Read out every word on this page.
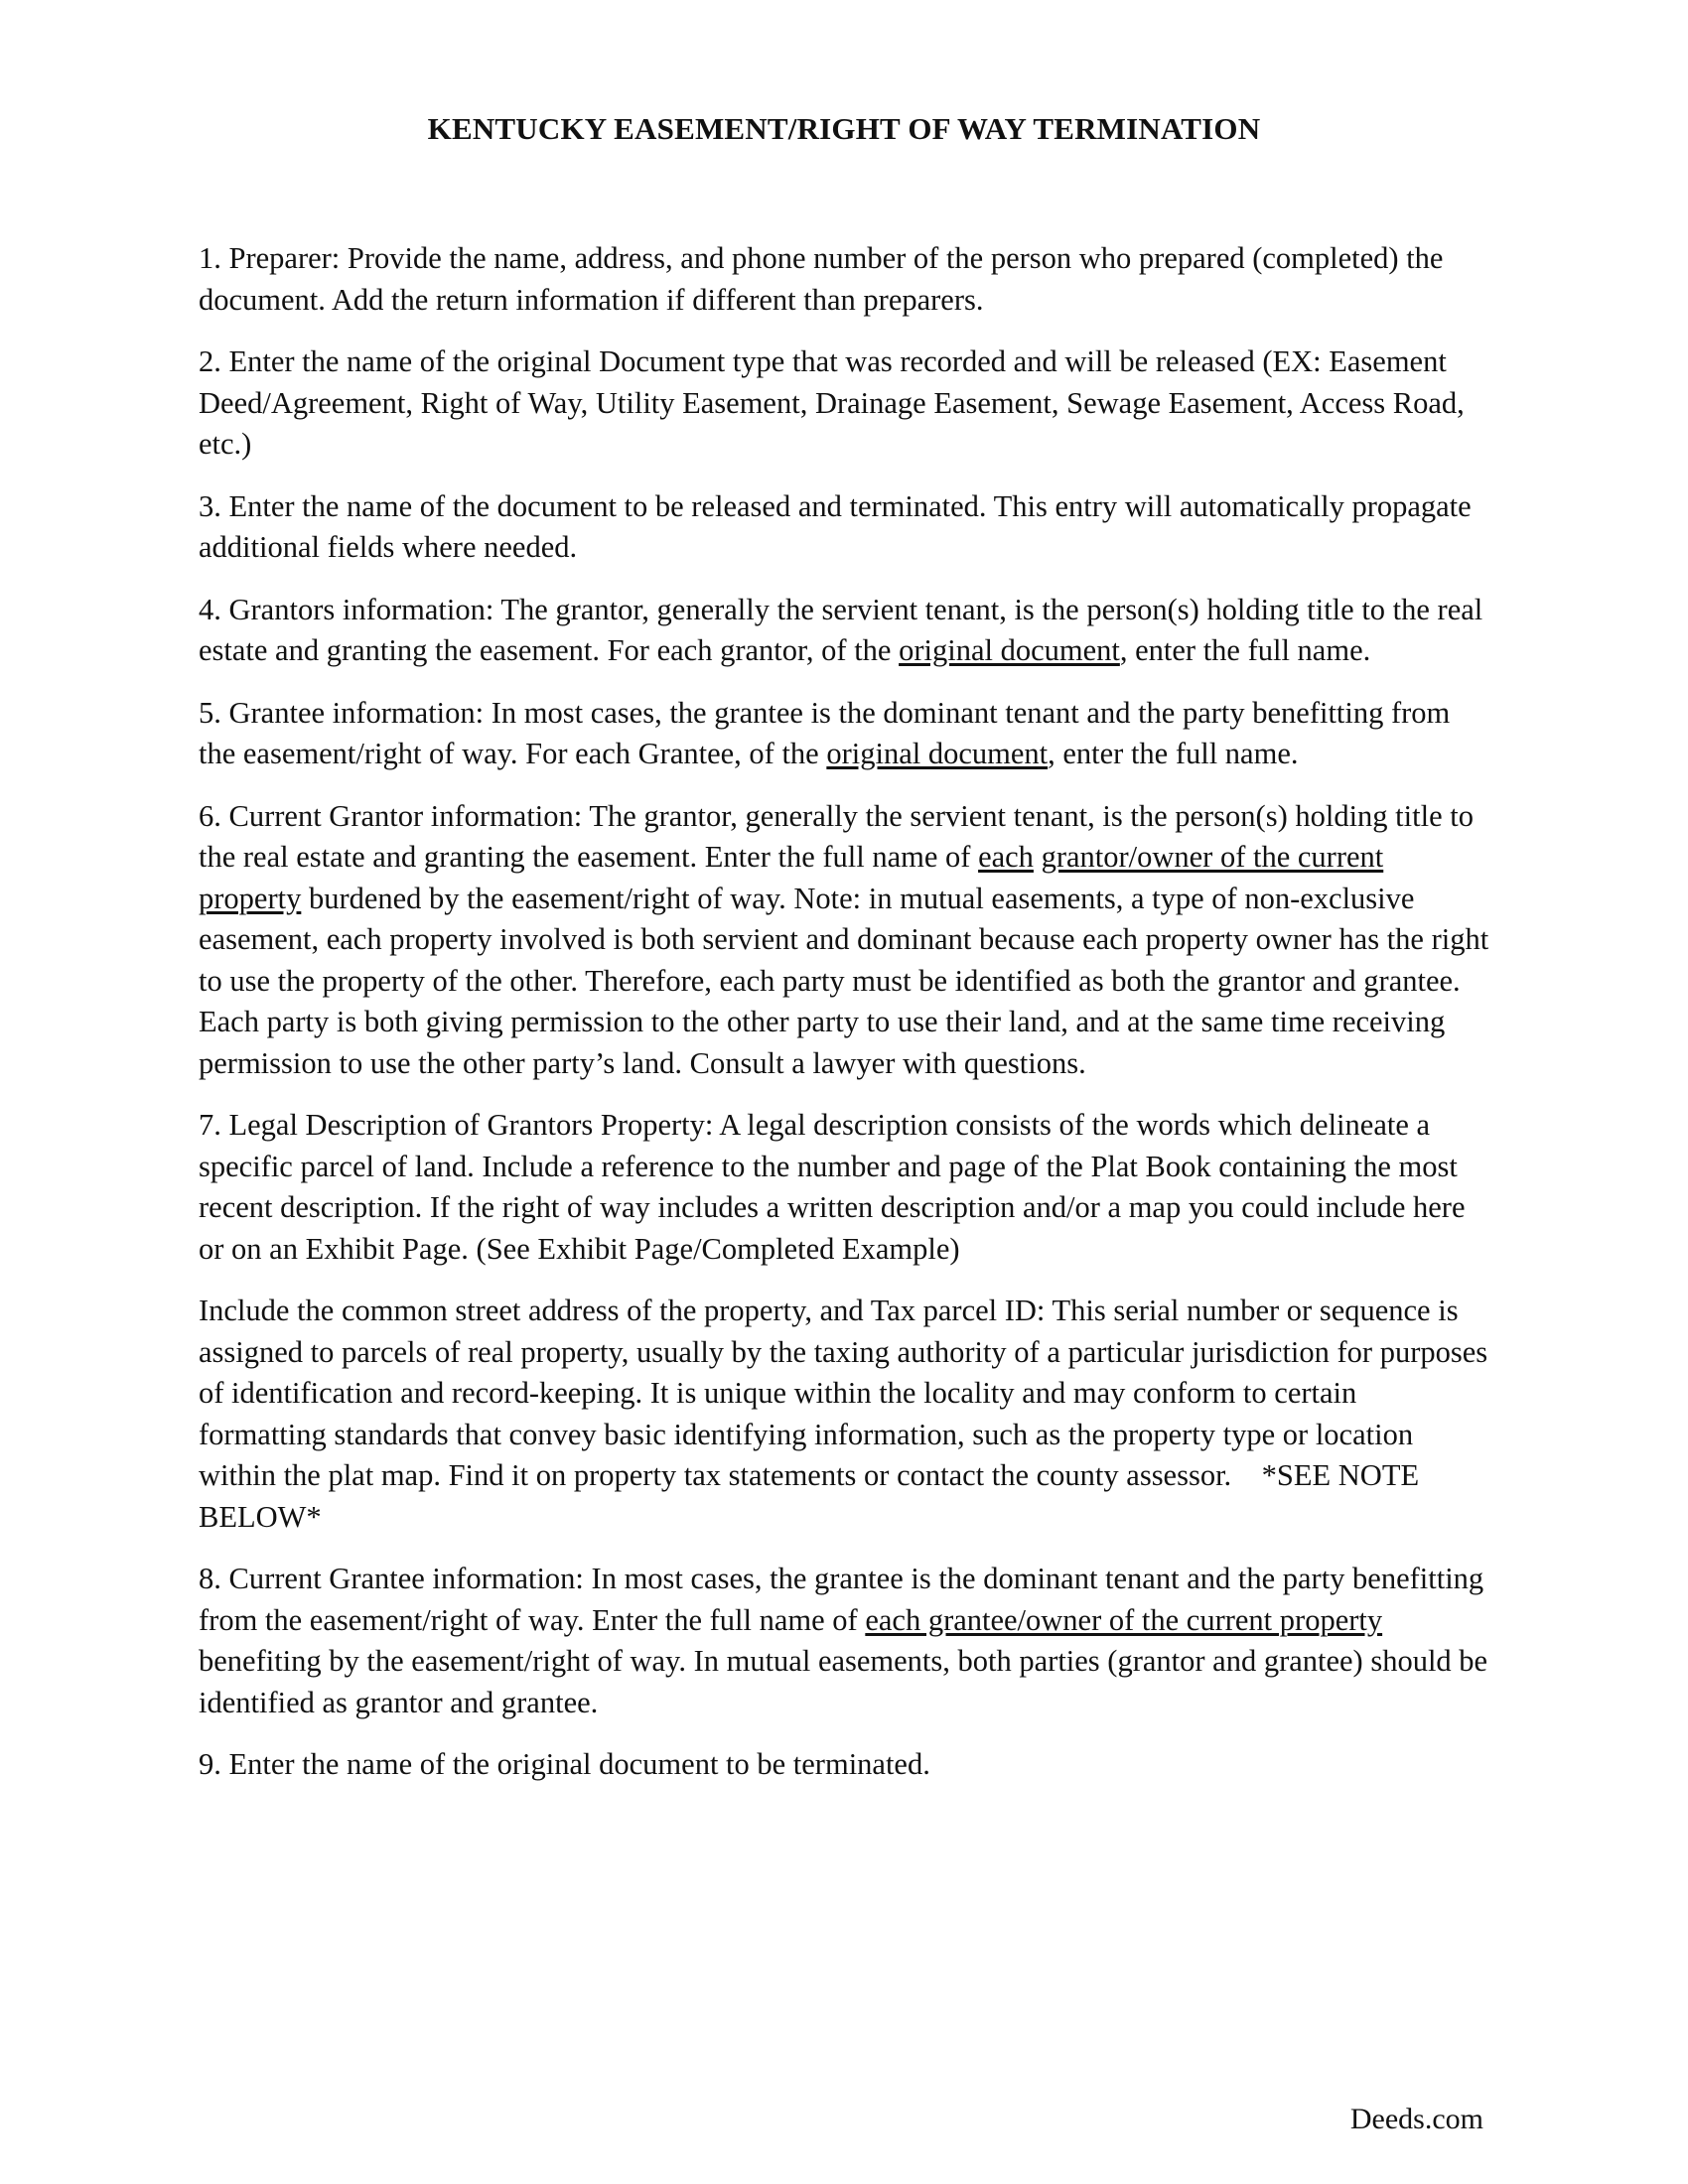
KENTUCKY EASEMENT/RIGHT OF WAY TERMINATION

1. Preparer: Provide the name, address, and phone number of the person who prepared (completed) the document. Add the return information if different than preparers.

2. Enter the name of the original Document type that was recorded and will be released (EX: Easement Deed/Agreement, Right of Way, Utility Easement, Drainage Easement, Sewage Easement, Access Road, etc.)

3. Enter the name of the document to be released and terminated. This entry will automatically propagate additional fields where needed.

4. Grantors information: The grantor, generally the servient tenant, is the person(s) holding title to the real estate and granting the easement. For each grantor, of the original document, enter the full name.

5. Grantee information: In most cases, the grantee is the dominant tenant and the party benefitting from the easement/right of way. For each Grantee, of the original document, enter the full name.

6. Current Grantor information: The grantor, generally the servient tenant, is the person(s) holding title to the real estate and granting the easement. Enter the full name of each grantor/owner of the current property burdened by the easement/right of way. Note: in mutual easements, a type of non-exclusive easement, each property involved is both servient and dominant because each property owner has the right to use the property of the other. Therefore, each party must be identified as both the grantor and grantee. Each party is both giving permission to the other party to use their land, and at the same time receiving permission to use the other party’s land. Consult a lawyer with questions.

7. Legal Description of Grantors Property: A legal description consists of the words which delineate a specific parcel of land. Include a reference to the number and page of the Plat Book containing the most recent description. If the right of way includes a written description and/or a map you could include here or on an Exhibit Page. (See Exhibit Page/Completed Example)

Include the common street address of the property, and Tax parcel ID: This serial number or sequence is assigned to parcels of real property, usually by the taxing authority of a particular jurisdiction for purposes of identification and record-keeping. It is unique within the locality and may conform to certain formatting standards that convey basic identifying information, such as the property type or location within the plat map. Find it on property tax statements or contact the county assessor.    *SEE NOTE BELOW*

8. Current Grantee information: In most cases, the grantee is the dominant tenant and the party benefitting from the easement/right of way. Enter the full name of each grantee/owner of the current property benefiting by the easement/right of way. In mutual easements, both parties (grantor and grantee) should be identified as grantor and grantee.

9. Enter the name of the original document to be terminated.

Deeds.com
